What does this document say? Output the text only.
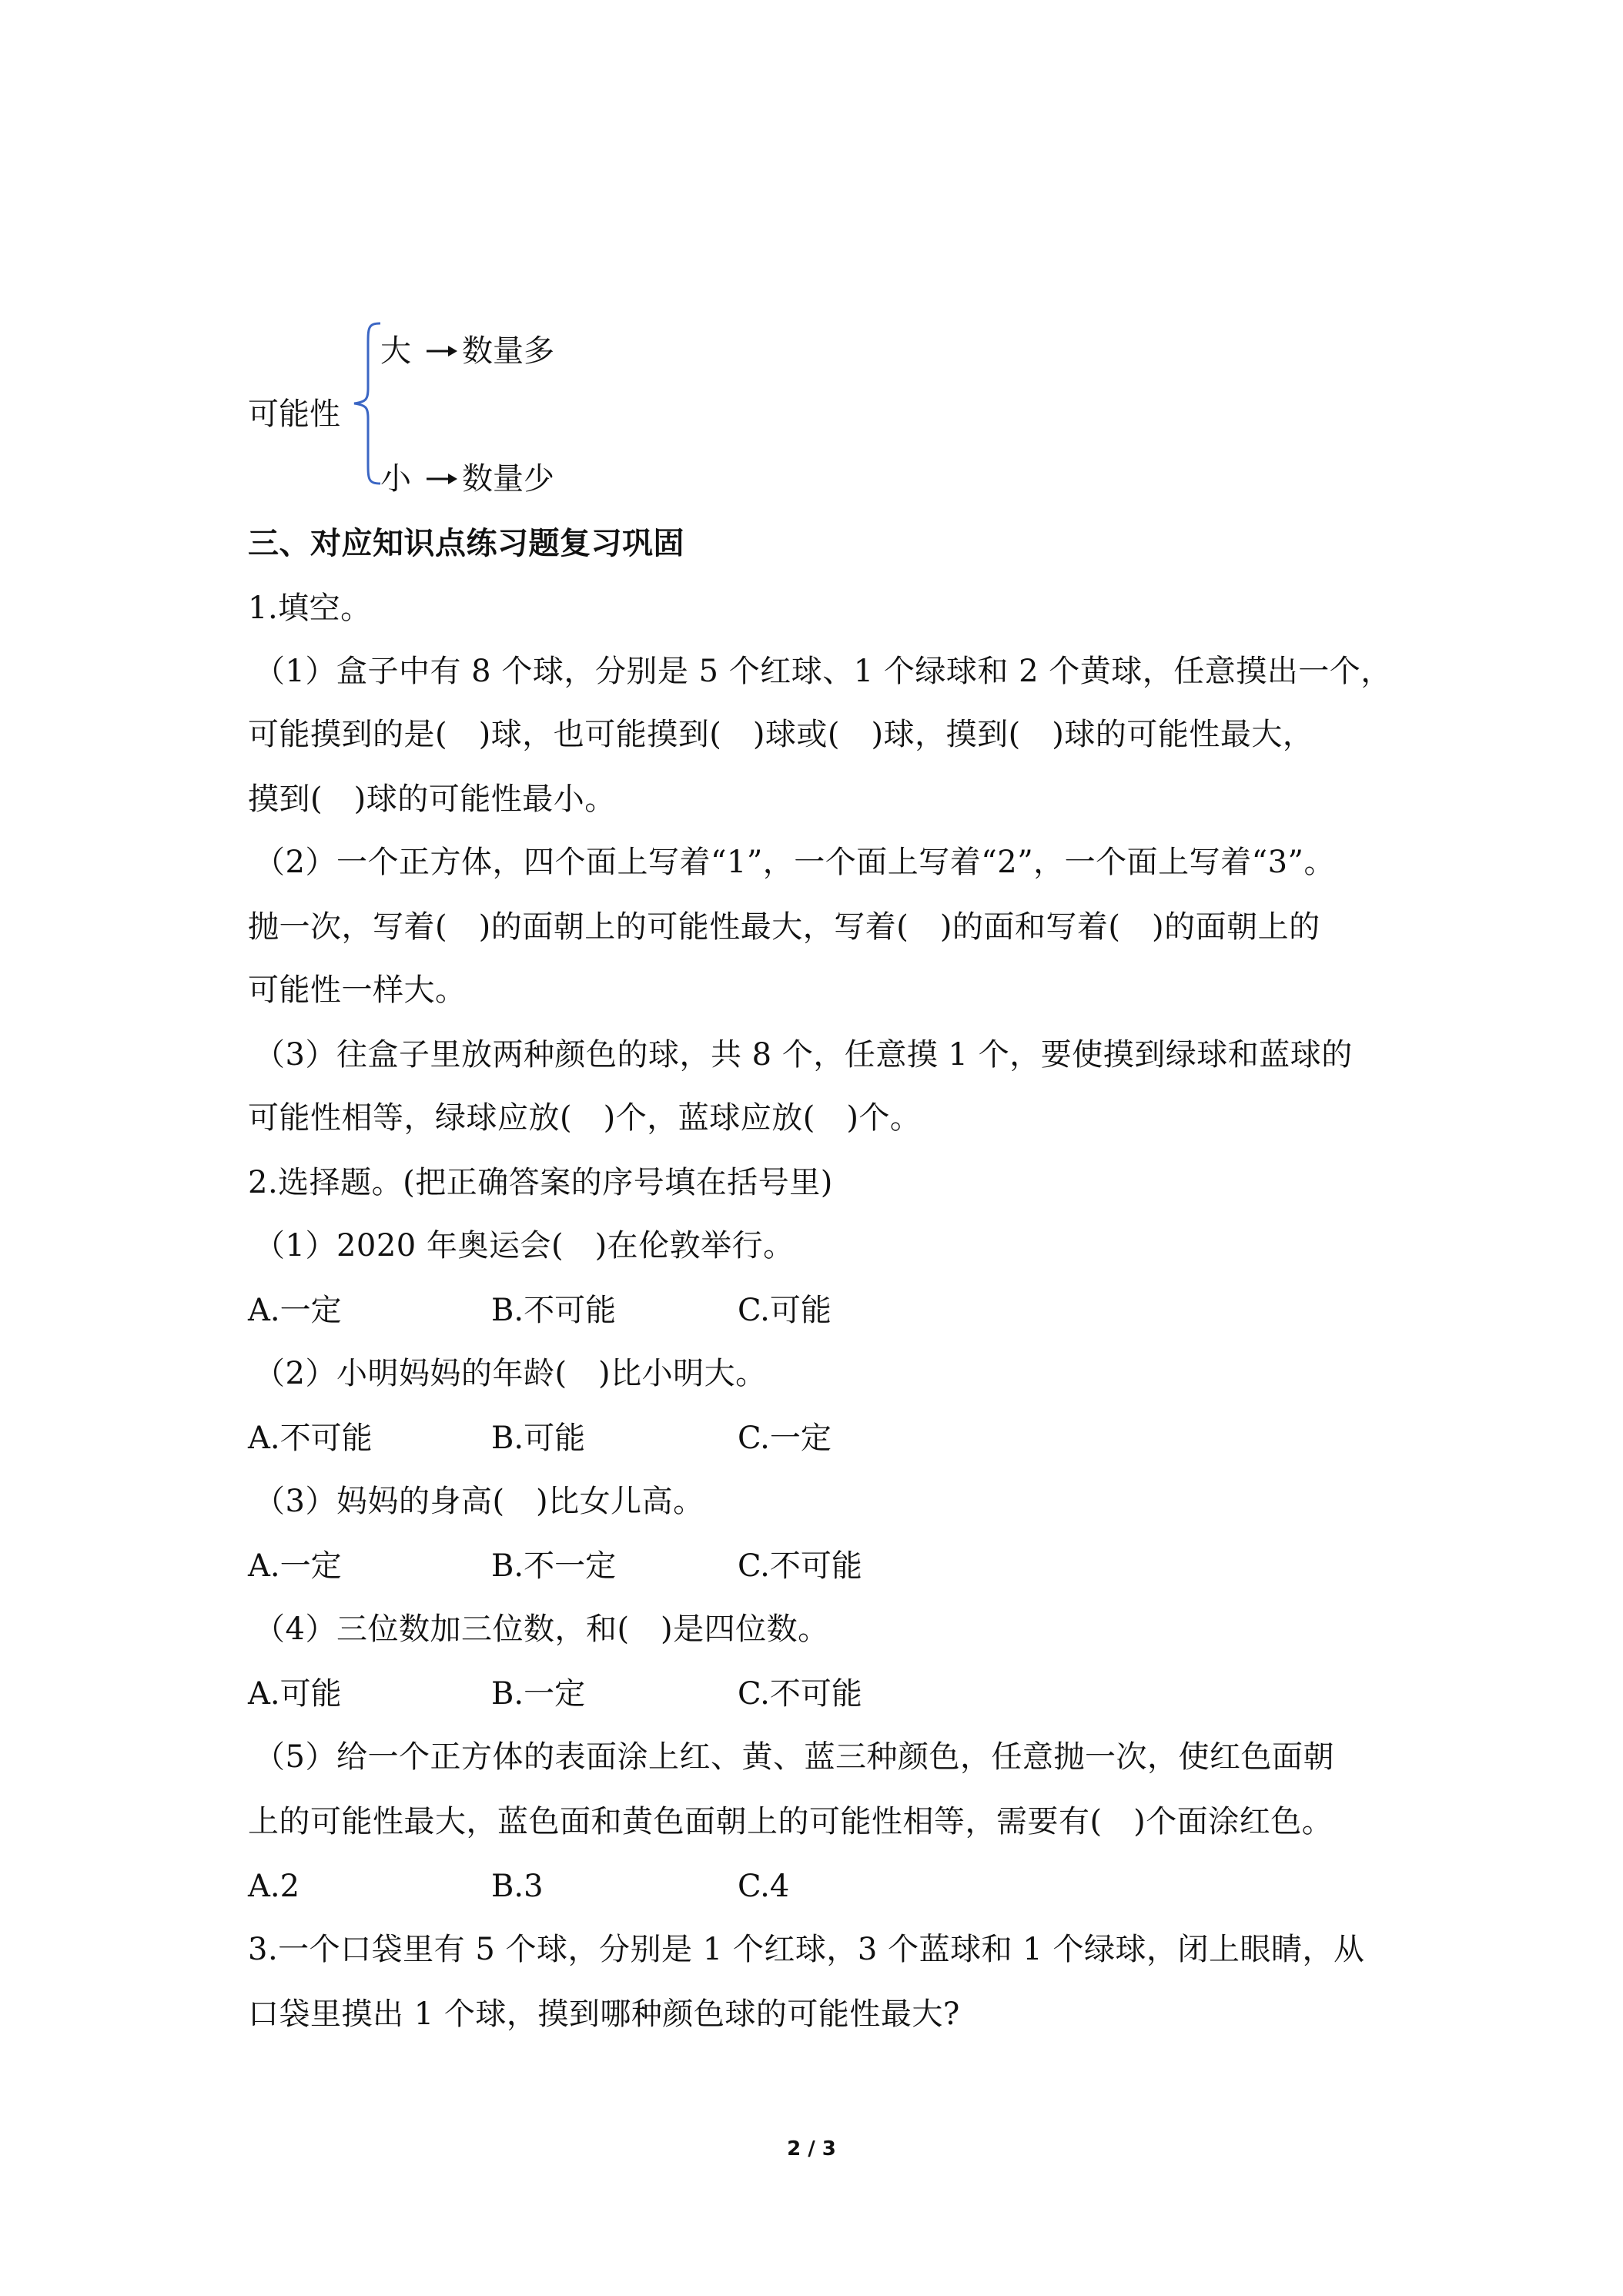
可能性
大 数量多
小 数量少
三、对应知识点练习题复习巩固
1.填空。
（1）盒子中有 8 个球，分别是 5 个红球、1 个绿球和 2 个黄球，任意摸出一个，
可能摸到的是(　)球，也可能摸到(　)球或(　)球，摸到(　)球的可能性最大，
摸到(　)球的可能性最小。
（2）一个正方体，四个面上写着“1”，一个面上写着“2”，一个面上写着“3”。
抛一次，写着(　)的面朝上的可能性最大，写着(　)的面和写着(　)的面朝上的
可能性一样大。
（3）往盒子里放两种颜色的球，共 8 个，任意摸 1 个，要使摸到绿球和蓝球的
可能性相等，绿球应放(　)个，蓝球应放(　)个。
2.选择题。(把正确答案的序号填在括号里)
（1）2020 年奥运会(　)在伦敦举行。
A.一定	B.不可能	C.可能
（2）小明妈妈的年龄(　)比小明大。
A.不可能	B.可能	C.一定
（3）妈妈的身高(　)比女儿高。
A.一定	B.不一定	C.不可能
（4）三位数加三位数，和(　)是四位数。
A.可能	B.一定	C.不可能
（5）给一个正方体的表面涂上红、黄、蓝三种颜色，任意抛一次，使红色面朝
上的可能性最大，蓝色面和黄色面朝上的可能性相等，需要有(　)个面涂红色。
A.2	B.3	C.4
3.一个口袋里有 5 个球，分别是 1 个红球，3 个蓝球和 1 个绿球，闭上眼睛，从
口袋里摸出 1 个球，摸到哪种颜色球的可能性最大?
2 / 3
